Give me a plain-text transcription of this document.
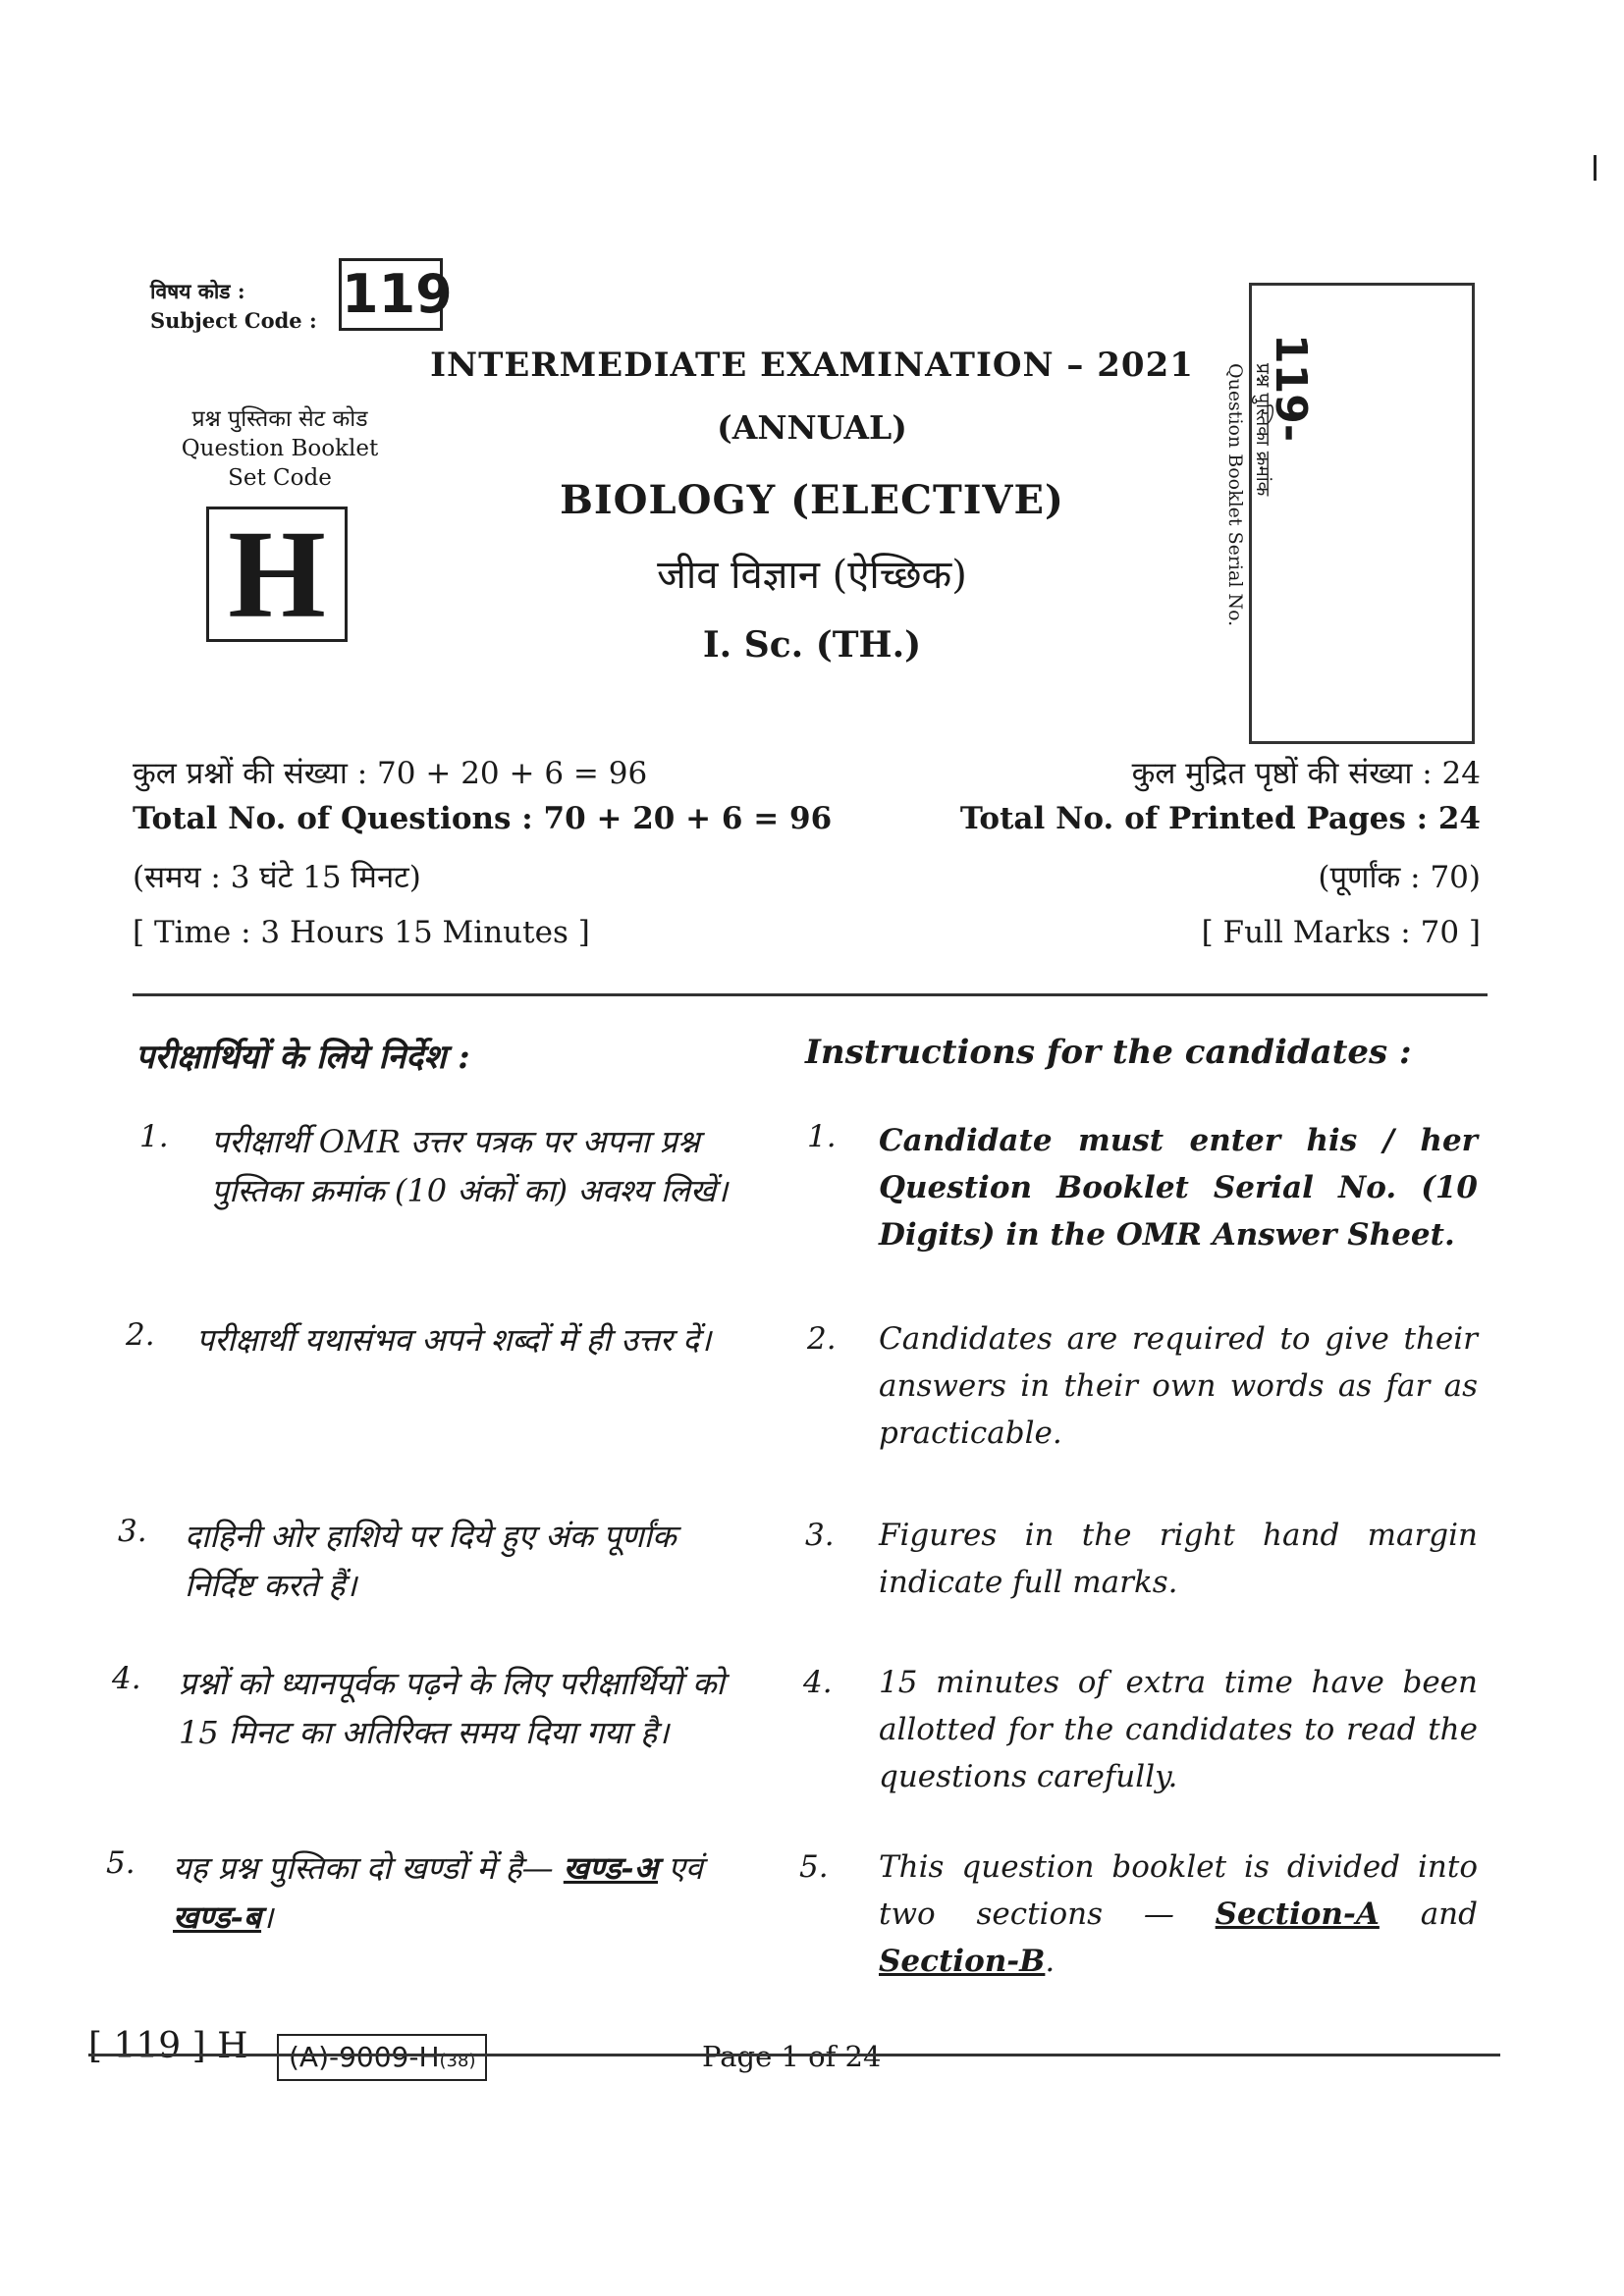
विषय कोड :
Subject Code : 119
प्रश्न पुस्तिका सेट कोड
Question Booklet
Set Code
H
INTERMEDIATE EXAMINATION – 2021
(ANNUAL)
BIOLOGY (ELECTIVE)
जीव विज्ञान (ऐच्छिक)
I. Sc. (TH.)
119-
प्रश्न पुस्तिका क्रमांक
Question Booklet Serial No.
कुल प्रश्नों की संख्या : 70 + 20 + 6 = 96
Total No. of Questions : 70 + 20 + 6 = 96
(समय : 3 घंटे 15 मिनट)
[ Time : 3 Hours 15 Minutes ]
कुल मुद्रित पृष्ठों की संख्या : 24
Total No. of Printed Pages : 24
(पूर्णांक : 70)
[ Full Marks : 70 ]
परीक्षार्थियों के लिये निर्देश :	Instructions for the candidates :
1. परीक्षार्थी OMR उत्तर पत्रक पर अपना प्रश्न पुस्तिका क्रमांक (10 अंकों का) अवश्य लिखें।
1. Candidate must enter his / her Question Booklet Serial No. (10 Digits) in the OMR Answer Sheet.
2. परीक्षार्थी यथासंभव अपने शब्दों में ही उत्तर दें।	2. Candidates are required to give their answers in their own words as far as practicable.
3. दाहिनी ओर हाशिये पर दिये हुए अंक पूर्णांक निर्दिष्ट करते हैं।
3. Figures in the right hand margin indicate full marks.
4. प्रश्नों को ध्यानपूर्वक पढ़ने के लिए परीक्षार्थियों को 15 मिनट का अतिरिक्त समय दिया गया है।
4. 15 minutes of extra time have been allotted for the candidates to read the questions carefully.
5. यह प्रश्न पुस्तिका दो खण्डों में है— खण्ड-अ एवं खण्ड-ब।
5. This question booklet is divided into two sections — Section-A and Section-B.
[ 119 ] H	(A)-9009-H(38)	Page 1 of 24
